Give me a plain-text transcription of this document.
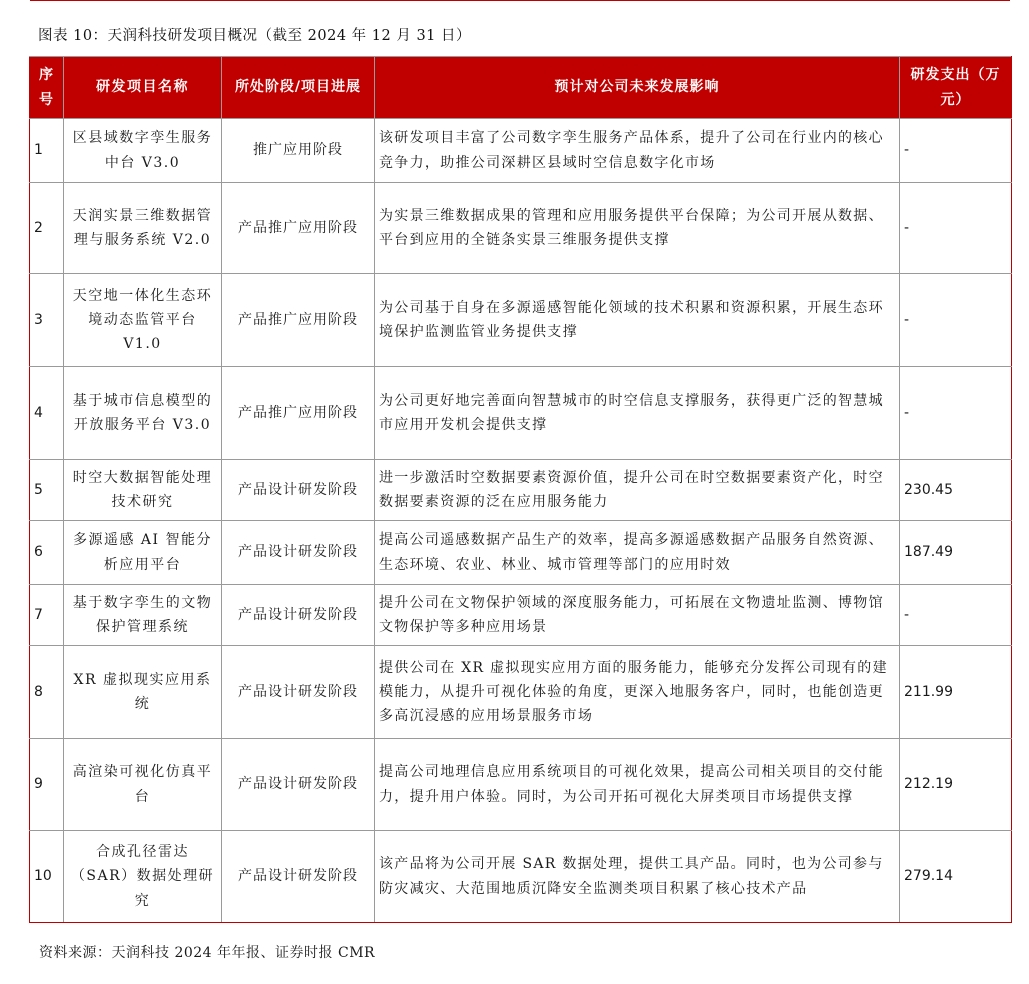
图表 10：天润科技研发项目概况（截至 2024 年 12 月 31 日）
序号	研发项目名称	所处阶段/项目进展	预计对公司未来发展影响	研发支出（万元）
1	区县域数字孪生服务中台 V3.0	推广应用阶段	该研发项目丰富了公司数字孪生服务产品体系，提升了公司在行业内的核心竞争力，助推公司深耕区县域时空信息数字化市场	-
2	天润实景三维数据管理与服务系统 V2.0	产品推广应用阶段	为实景三维数据成果的管理和应用服务提供平台保障；为公司开展从数据、平台到应用的全链条实景三维服务提供支撑	-
3	天空地一体化生态环境动态监管平台 V1.0	产品推广应用阶段	为公司基于自身在多源遥感智能化领域的技术积累和资源积累，开展生态环境保护监测监管业务提供支撑	-
4	基于城市信息模型的开放服务平台 V3.0	产品推广应用阶段	为公司更好地完善面向智慧城市的时空信息支撑服务，获得更广泛的智慧城市应用开发机会提供支撑	-
5	时空大数据智能处理技术研究	产品设计研发阶段	进一步激活时空数据要素资源价值，提升公司在时空数据要素资产化，时空数据要素资源的泛在应用服务能力	230.45
6	多源遥感 AI 智能分析应用平台	产品设计研发阶段	提高公司遥感数据产品生产的效率，提高多源遥感数据产品服务自然资源、生态环境、农业、林业、城市管理等部门的应用时效	187.49
7	基于数字孪生的文物保护管理系统	产品设计研发阶段	提升公司在文物保护领域的深度服务能力，可拓展在文物遗址监测、博物馆文物保护等多种应用场景	-
8	XR 虚拟现实应用系统	产品设计研发阶段	提供公司在 XR 虚拟现实应用方面的服务能力，能够充分发挥公司现有的建模能力，从提升可视化体验的角度，更深入地服务客户，同时，也能创造更多高沉浸感的应用场景服务市场	211.99
9	高渲染可视化仿真平台	产品设计研发阶段	提高公司地理信息应用系统项目的可视化效果，提高公司相关项目的交付能力，提升用户体验。同时，为公司开拓可视化大屏类项目市场提供支撑	212.19
10	合成孔径雷达（SAR）数据处理研究	产品设计研发阶段	该产品将为公司开展 SAR 数据处理，提供工具产品。同时，也为公司参与防灾减灾、大范围地质沉降安全监测类项目积累了核心技术产品	279.14
资料来源：天润科技 2024 年年报、证券时报 CMR
